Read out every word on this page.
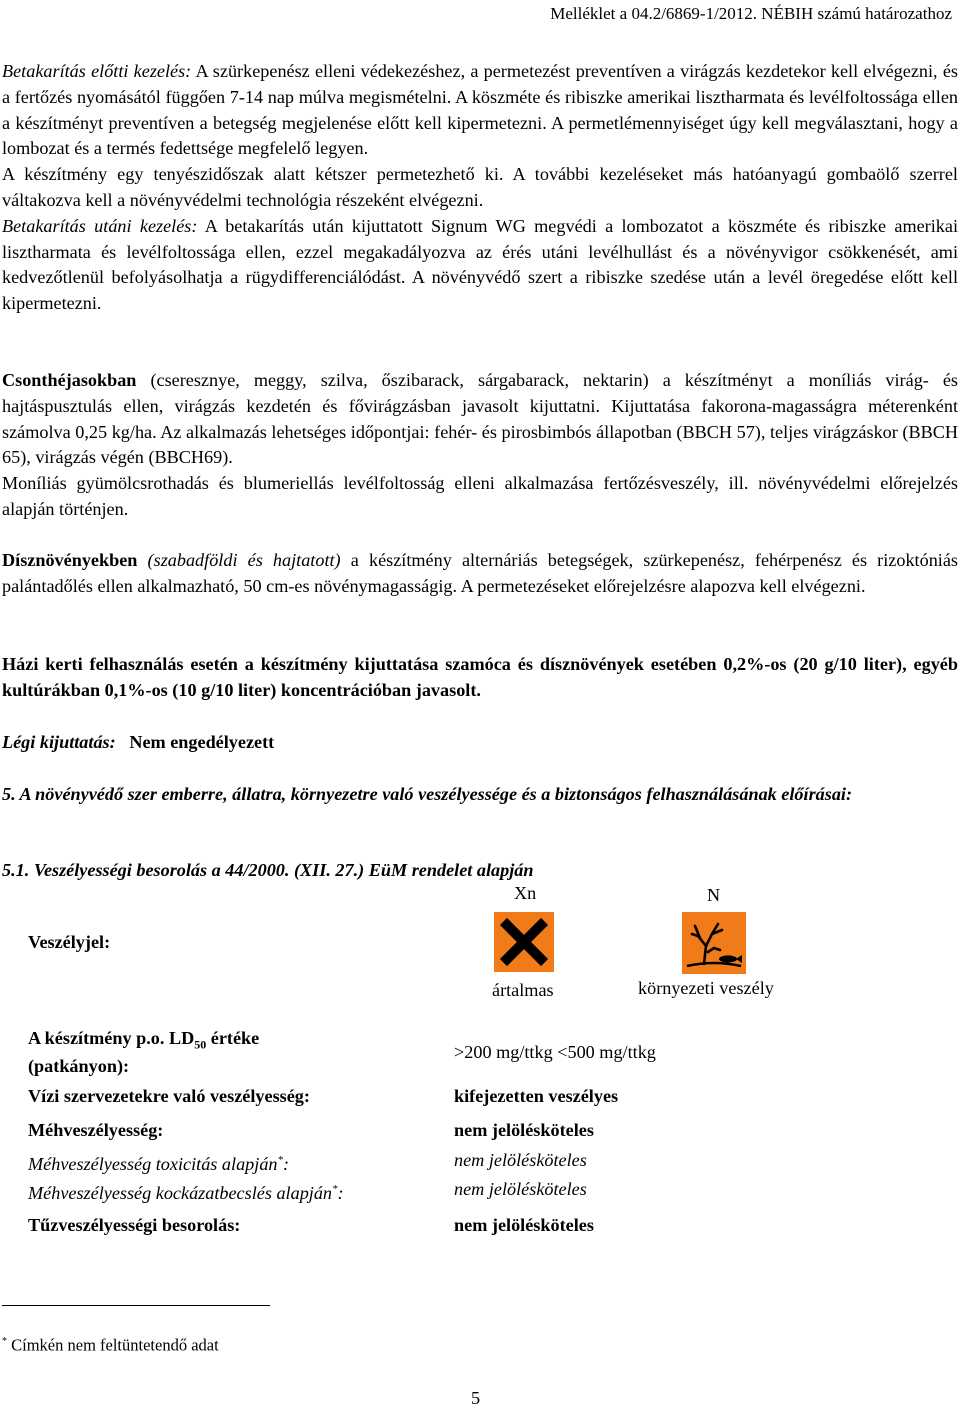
Melléklet a 04.2/6869-1/2012. NÉBIH számú határozathoz

Betakarítás előtti kezelés: A szürkepenész elleni védekezéshez, a permetezést preventíven a virágzás kezdetekor kell elvégezni, és a fertőzés nyomásától függően 7-14 nap múlva megismételni. A köszméte és ribiszke amerikai lisztharmata és levélfoltossága ellen a készítményt preventíven a betegség megjelenése előtt kell kipermetezni. A permetlémennyiséget úgy kell megválasztani, hogy a lombozat és a termés fedettsége megfelelő legyen.

A készítmény egy tenyészidőszak alatt kétszer permetezhető ki. A további kezeléseket más hatóanyagú gombaölő szerrel váltakozva kell a növényvédelmi technológia részeként elvégezni.

Betakarítás utáni kezelés: A betakarítás után kijuttatott Signum WG megvédi a lombozatot a köszméte és ribiszke amerikai lisztharmata és levélfoltossága ellen, ezzel megakadályozva az érés utáni levélhullást és a növényvigor csökkenését, ami kedvezőtlenül befolyásolhatja a rügydifferenciálódást. A növényvédő szert a ribiszke szedése után a levél öregedése előtt kell kipermetezni.

Csonthéjasokban (cseresznye, meggy, szilva, őszibarack, sárgabarack, nektarin) a készítményt a moníliás virág- és hajtáspusztulás ellen, virágzás kezdetén és fővirágzásban javasolt kijuttatni. Kijuttatása fakorona-magasságra méterenként számolva 0,25 kg/ha. Az alkalmazás lehetséges időpontjai: fehér- és pirosbimbós állapotban (BBCH 57), teljes virágzáskor (BBCH 65), virágzás végén (BBCH69).

Moníliás gyümölcsrothadás és blumeriellás levélfoltosság elleni alkalmazása fertőzésveszély, ill. növényvédelmi előrejelzés alapján történjen.

Dísznövényekben (szabadföldi és hajtatott) a készítmény alternáriás betegségek, szürkepenész, fehérpenész és rizoktóniás palántadőlés ellen alkalmazható, 50 cm-es növénymagasságig. A permetezéseket előrejelzésre alapozva kell elvégezni.

Házi kerti felhasználás esetén a készítmény kijuttatása szamóca és dísznövények esetében 0,2%-os (20 g/10 liter), egyéb kultúrákban 0,1%-os (10 g/10 liter) koncentrációban javasolt.
Légi kijuttatás: Nem engedélyezett
5. A növényvédő szer emberre, állatra, környezetre való veszélyessége és a biztonságos felhasználásának előírásai:
5.1. Veszélyességi besorolás a 44/2000. (XII. 27.) EüM rendelet alapján
Veszélyjel:
Xn	N
ártalmas	környezeti veszély
A készítmény p.o. $LD_{50}$ értéke
(patkányon):
>200 mg/ttkg <500 mg/ttkg
Vízi szervezetekre való veszélyesség:	kifejezetten veszélyes
Méhveszélyesség:	nem jelölésköteles
Méhveszélyesség toxicitás alapján*:	nem jelölésköteles
Méhveszélyesség kockázatbecslés alapján*:	nem jelölésköteles
Tűzveszélyességi besorolás:	nem jelölésköteles
* Címkén nem feltüntetendő adat
5
